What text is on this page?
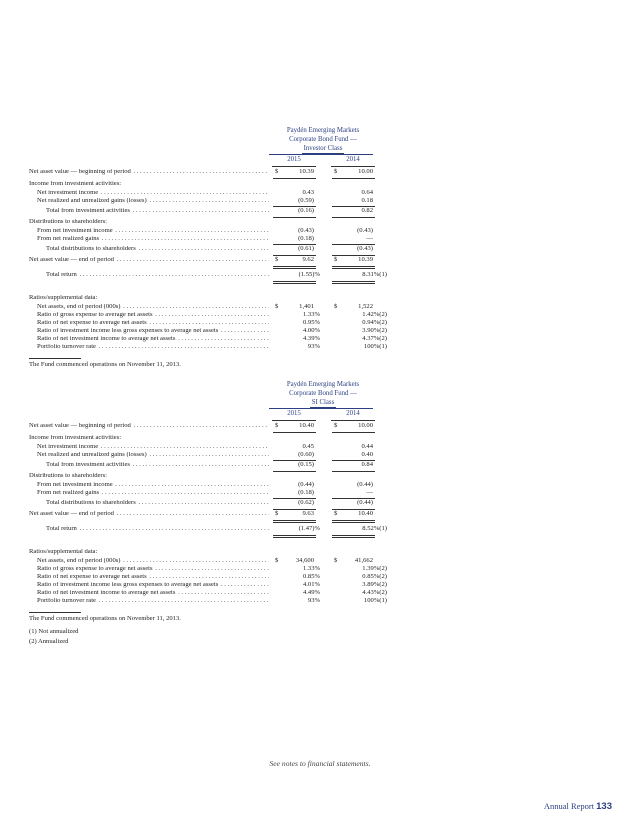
Paydén Emerging Markets
Corporate Bond Fund —
Investor Class
2015	2014
Net asset value — beginning of period . . .	$	10.39	$	10.00
Income from investment activities:
Net investment income . . .	0.43	0.64
Net realized and unrealized gains (losses) . . .	(0.59)	0.18
Total from investment activities . . .	(0.16)	0.82
Distributions to shareholders:
From net investment income . . .	(0.43)	(0.43)
From net realized gains . . .	(0.18)	—
Total distributions to shareholders . . .	(0.61)	(0.43)
Net asset value — end of period . . .	$	9.62	$	10.39
Total return . . .	(1.55)%	8.31%(1)
Ratios/supplemental data:
Net assets, end of period (000s) . . .	$	1,401	$	1,522
Ratio of gross expense to average net assets . . .	1.33%	1.42%(2)
Ratio of net expense to average net assets . . .	0.95%	0.94%(2)
Ratio of investment income less gross expenses to average net assets . . .	4.00%	3.90%(2)
Ratio of net investment income to average net assets . . .	4.39%	4.37%(2)
Portfolio turnover rate . . .	93%	100%(1)
The Fund commenced operations on November 11, 2013.
Paydén Emerging Markets
Corporate Bond Fund —
SI Class
2015	2014
Net asset value — beginning of period . . .	$	10.40	$	10.00
Income from investment activities:
Net investment income . . .	0.45	0.44
Net realized and unrealized gains (losses) . . .	(0.60)	0.40
Total from investment activities . . .	(0.15)	0.84
Distributions to shareholders:
From net investment income . . .	(0.44)	(0.44)
From net realized gains . . .	(0.18)	—
Total distributions to shareholders . . .	(0.62)	(0.44)
Net asset value — end of period . . .	$	9.63	$	10.40
Total return . . .	(1.47)%	8.52%(1)
Ratios/supplemental data:
Net assets, end of period (000s) . . .	$	34,600	$	41,662
Ratio of gross expense to average net assets . . .	1.33%	1.39%(2)
Ratio of net expense to average net assets . . .	0.85%	0.85%(2)
Ratio of investment income less gross expenses to average net assets . . .	4.01%	3.89%(2)
Ratio of net investment income to average net assets . . .	4.49%	4.43%(2)
Portfolio turnover rate . . .	93%	100%(1)
The Fund commenced operations on November 11, 2013.
(1) Not annualized
(2) Annualized
See notes to financial statements.
Annual Report 133
